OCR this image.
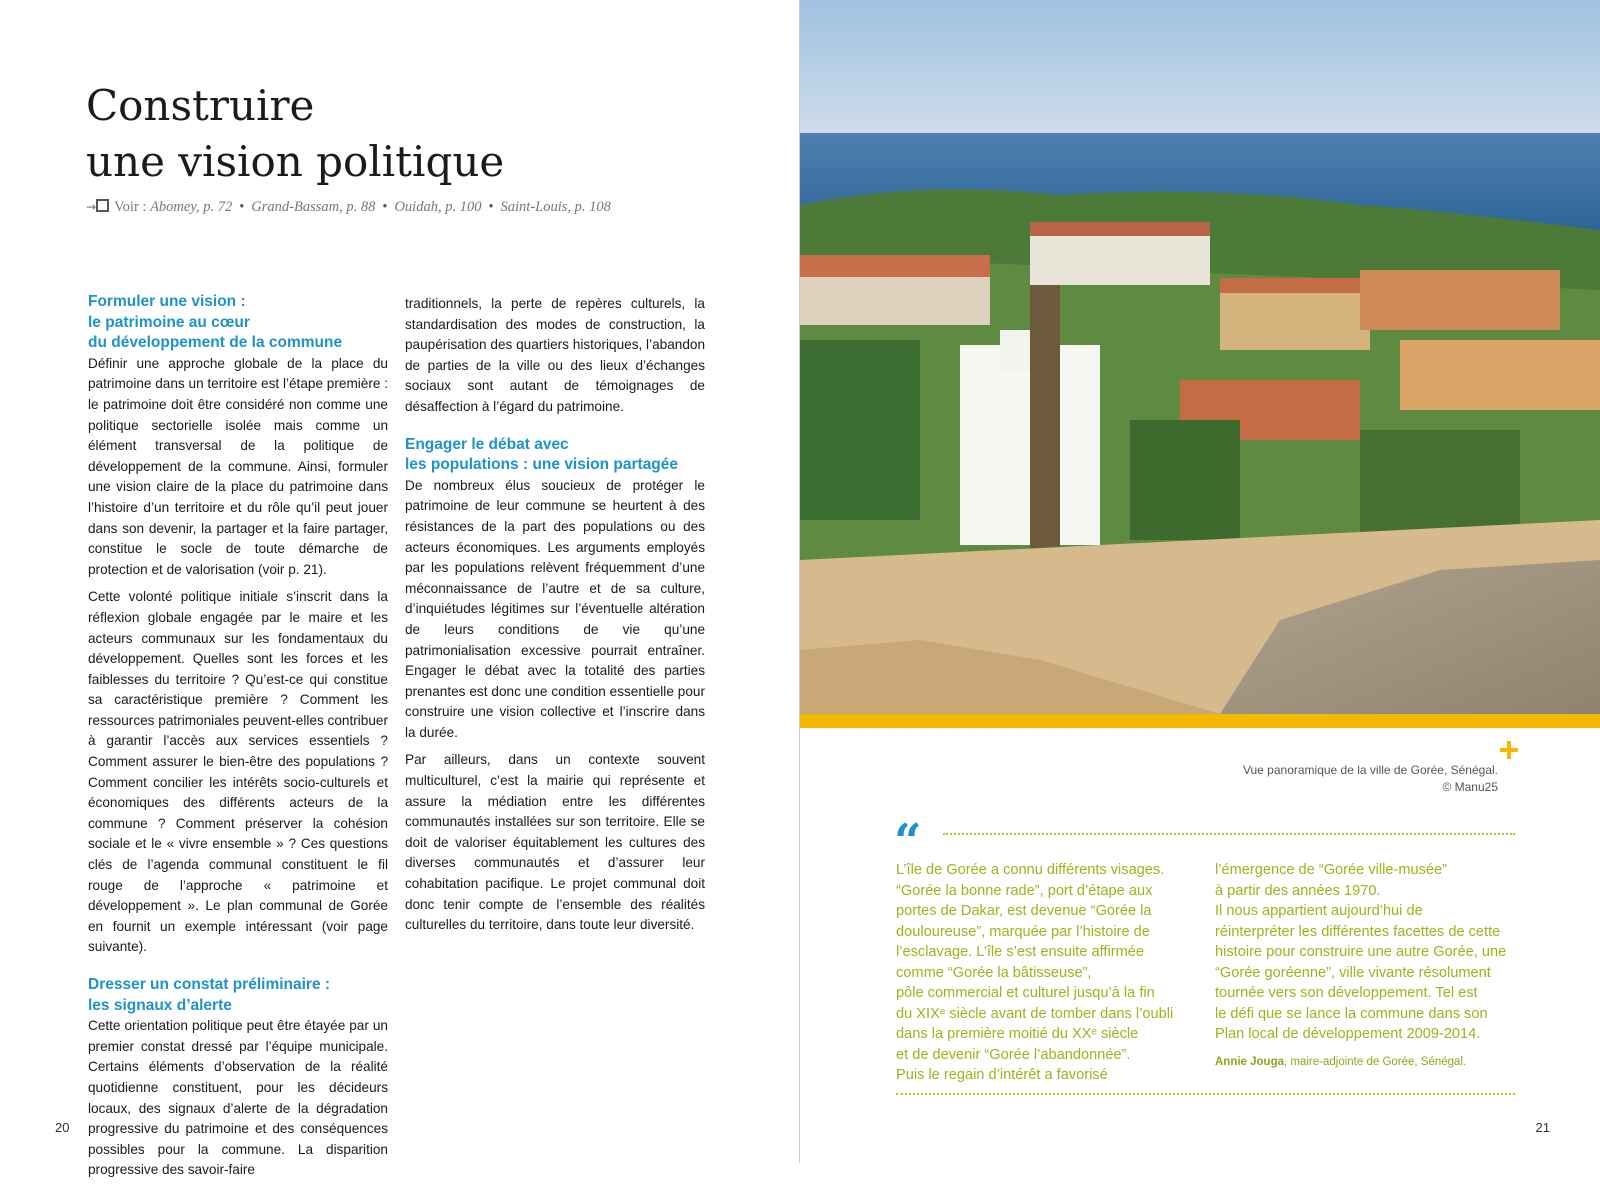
Construire
une vision politique
→ Voir : Abomey, p. 72 • Grand-Bassam, p. 88 • Ouidah, p. 100 • Saint-Louis, p. 108
Formuler une vision :
le patrimoine au cœur
du développement de la commune

Définir une approche globale de la place du patrimoine dans un territoire est l’étape première : le patrimoine doit être considéré non comme une politique sectorielle isolée mais comme un élément transversal de la politique de développement de la commune. Ainsi, formuler une vision claire de la place du patrimoine dans l’histoire d’un territoire et du rôle qu’il peut jouer dans son devenir, la partager et la faire partager, constitue le socle de toute démarche de protection et de valorisation (voir p. 21).

Cette volonté politique initiale s’inscrit dans la réflexion globale engagée par le maire et les acteurs communaux sur les fondamentaux du développement. Quelles sont les forces et les faiblesses du territoire ? Qu’est-ce qui constitue sa caractéristique première ? Comment les ressources patrimoniales peuvent-elles contribuer à garantir l’accès aux services essentiels ? Comment assurer le bien-être des populations ? Comment concilier les intérêts socio-culturels et économiques des différents acteurs de la commune ? Comment préserver la cohésion sociale et le « vivre ensemble » ? Ces questions clés de l’agenda communal constituent le fil rouge de l’approche « patrimoine et développement ». Le plan communal de Gorée en fournit un exemple intéressant (voir page suivante).

Dresser un constat préliminaire :
les signaux d’alerte

Cette orientation politique peut être étayée par un premier constat dressé par l’équipe municipale. Certains éléments d’observation de la réalité quotidienne constituent, pour les décideurs locaux, des signaux d’alerte de la dégradation progressive du patrimoine et des conséquences possibles pour la commune. La disparition progressive des savoir-faire

traditionnels, la perte de repères culturels, la standardisation des modes de construction, la paupérisation des quartiers historiques, l’abandon de parties de la ville ou des lieux d’échanges sociaux sont autant de témoignages de désaffection à l’égard du patrimoine.

Engager le débat avec
les populations : une vision partagée

De nombreux élus soucieux de protéger le patrimoine de leur commune se heurtent à des résistances de la part des populations ou des acteurs économiques. Les arguments employés par les populations relèvent fréquemment d’une méconnaissance de l’autre et de sa culture, d’inquiétudes légitimes sur l’éventuelle altération de leurs conditions de vie qu’une patrimonialisation excessive pourrait entraîner. Engager le débat avec la totalité des parties prenantes est donc une condition essentielle pour construire une vision collective et l’inscrire dans la durée.

Par ailleurs, dans un contexte souvent multiculturel, c’est la mairie qui représente et assure la médiation entre les différentes communautés installées sur son territoire. Elle se doit de valoriser équitablement les cultures des diverses communautés et d’assurer leur cohabitation pacifique. Le projet communal doit donc tenir compte de l’ensemble des réalités culturelles du territoire, dans toute leur diversité.

20
Vue panoramique de la ville de Gorée, Sénégal.
© Manu25
“
L’île de Gorée a connu différents visages.
“Gorée la bonne rade”, port d’étape aux
portes de Dakar, est devenue “Gorée la
douloureuse”, marquée par l’histoire de
l’esclavage. L’île s’est ensuite affirmée
comme “Gorée la bâtisseuse”,
pôle commercial et culturel jusqu’à la fin
du XIXᵉ siècle avant de tomber dans l’oubli
dans la première moitié du XXᵉ siècle
et de devenir “Gorée l’abandonnée”.
Puis le regain d’intérêt a favorisé
l’émergence de “Gorée ville-musée”
à partir des années 1970.
Il nous appartient aujourd’hui de
réinterpréter les différentes facettes de cette
histoire pour construire une autre Gorée, une
“Gorée goréenne”, ville vivante résolument
tournée vers son développement. Tel est
le défi que se lance la commune dans son
Plan local de développement 2009-2014.
Annie Jouga, maire-adjointe de Gorée, Sénégal.
21
